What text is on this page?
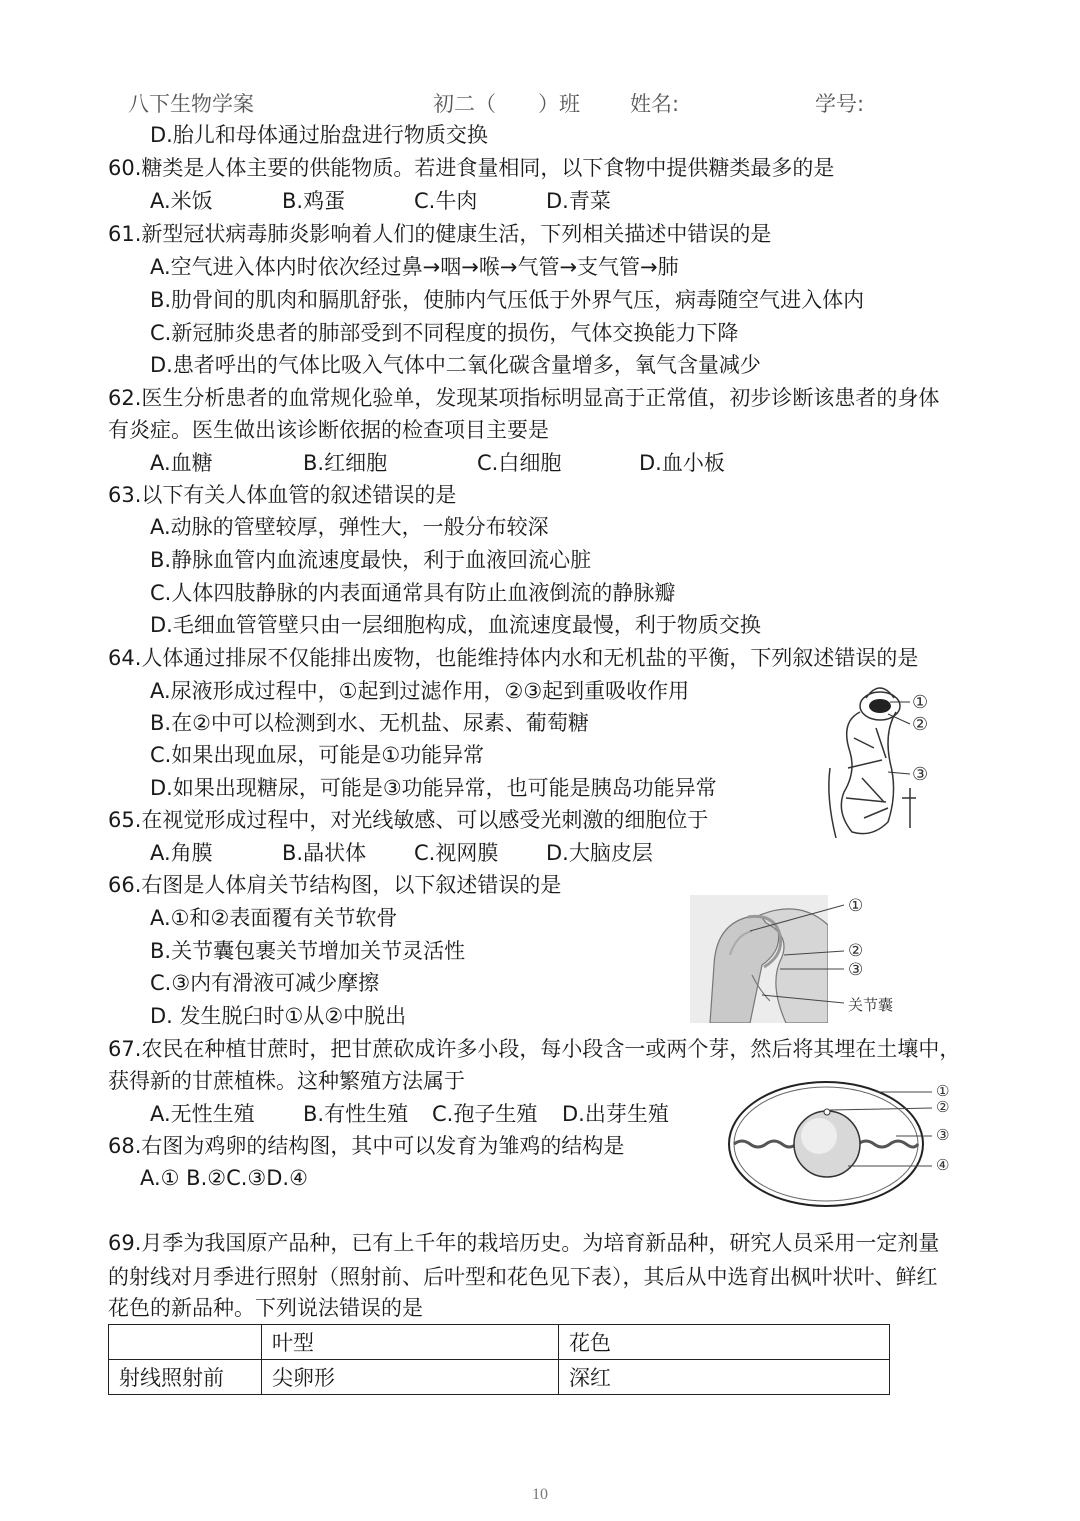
八下生物学案	初二（　　）班 姓名:	学号:
D.胎儿和母体通过胎盘进行物质交换
60.糖类是人体主要的供能物质。若进食量相同，以下食物中提供糖类最多的是
A.米饭	B.鸡蛋	C.牛肉	D.青菜
61.新型冠状病毒肺炎影响着人们的健康生活，下列相关描述中错误的是
A.空气进入体内时依次经过鼻→咽→喉→气管→支气管→肺
B.肋骨间的肌肉和膈肌舒张，使肺内气压低于外界气压，病毒随空气进入体内
C.新冠肺炎患者的肺部受到不同程度的损伤，气体交换能力下降
D.患者呼出的气体比吸入气体中二氧化碳含量增多，氧气含量减少
62.医生分析患者的血常规化验单，发现某项指标明显高于正常值，初步诊断该患者的身体
有炎症。医生做出该诊断依据的检查项目主要是
A.血糖	B.红细胞	C.白细胞	D.血小板
63.以下有关人体血管的叙述错误的是
A.动脉的管壁较厚，弹性大，一般分布较深
B.静脉血管内血流速度最快，利于血液回流心脏
C.人体四肢静脉的内表面通常具有防止血液倒流的静脉瓣
D.毛细血管管壁只由一层细胞构成，血流速度最慢，利于物质交换
64.人体通过排尿不仅能排出废物，也能维持体内水和无机盐的平衡，下列叙述错误的是
A.尿液形成过程中，①起到过滤作用，②③起到重吸收作用
B.在②中可以检测到水、无机盐、尿素、葡萄糖
C.如果出现血尿，可能是①功能异常
D.如果出现糖尿，可能是③功能异常，也可能是胰岛功能异常
①
②
③
65.在视觉形成过程中，对光线敏感、可以感受光刺激的细胞位于
A.角膜	B.晶状体 C.视网膜 D.大脑皮层
66.右图是人体肩关节结构图，以下叙述错误的是
A.①和②表面覆有关节软骨
B.关节囊包裹关节增加关节灵活性
C.③内有滑液可减少摩擦
D. 发生脱臼时①从②中脱出
①
②
③
关节囊
67.农民在种植甘蔗时，把甘蔗砍成许多小段，每小段含一或两个芽，然后将其埋在土壤中，
获得新的甘蔗植株。这种繁殖方法属于
A.无性生殖 B.有性生殖 C.孢子生殖 D.出芽生殖
68.右图为鸡卵的结构图，其中可以发育为雏鸡的结构是
A.① B.②C.③D.④
①
②
③
④
69.月季为我国原产品种，已有上千年的栽培历史。为培育新品种，研究人员采用一定剂量
的射线对月季进行照射（照射前、后叶型和花色见下表），其后从中选育出枫叶状叶、鲜红
花色的新品种。下列说法错误的是
	叶型	花色
射线照射前	尖卵形	深红
10
